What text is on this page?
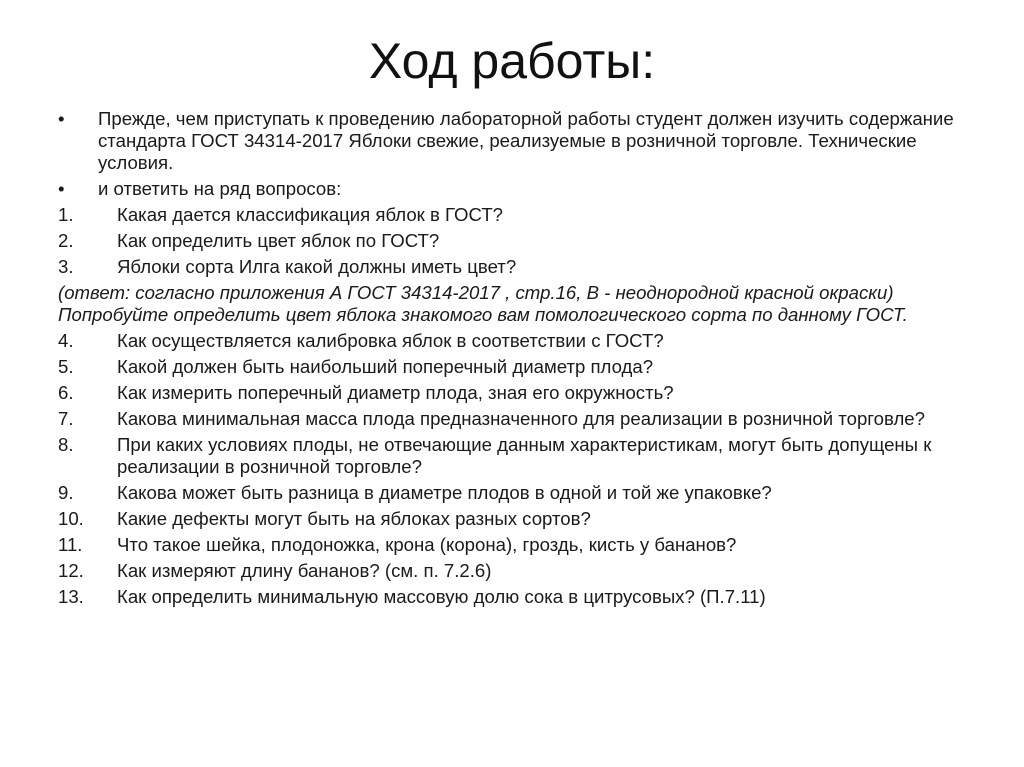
Ход работы:
•	Прежде, чем приступать к проведению лабораторной работы студент должен изучить содержание стандарта ГОСТ 34314-2017 Яблоки свежие, реализуемые в розничной торговле. Технические условия.
•	и ответить на ряд вопросов:
1.	Какая дается классификация яблок в ГОСТ?
2.	Как определить цвет яблок по ГОСТ?
3.	Яблоки сорта Илга какой должны иметь цвет?
(ответ: согласно приложения А ГОСТ 34314-2017 , стр.16, В - неоднородной красной окраски) Попробуйте определить цвет яблока знакомого вам помологического сорта по данному ГОСТ.
4.	Как осуществляется калибровка яблок в соответствии с ГОСТ?
5.	Какой должен быть наибольший поперечный диаметр плода?
6.	Как измерить поперечный диаметр плода, зная его окружность?
7.	Какова минимальная масса плода предназначенного для реализации в розничной торговле?
8.	При каких условиях плоды, не отвечающие данным характеристикам, могут быть допущены к реализации в розничной торговле?
9.	Какова может быть разница в диаметре плодов в одной и той же упаковке?
10.	Какие дефекты могут быть на яблоках разных сортов?
11.	Что такое шейка, плодоножка, крона (корона), гроздь, кисть у бананов?
12.	Как измеряют длину бананов? (см. п. 7.2.6)
13.	Как определить минимальную массовую долю сока в цитрусовых? (П.7.11)
